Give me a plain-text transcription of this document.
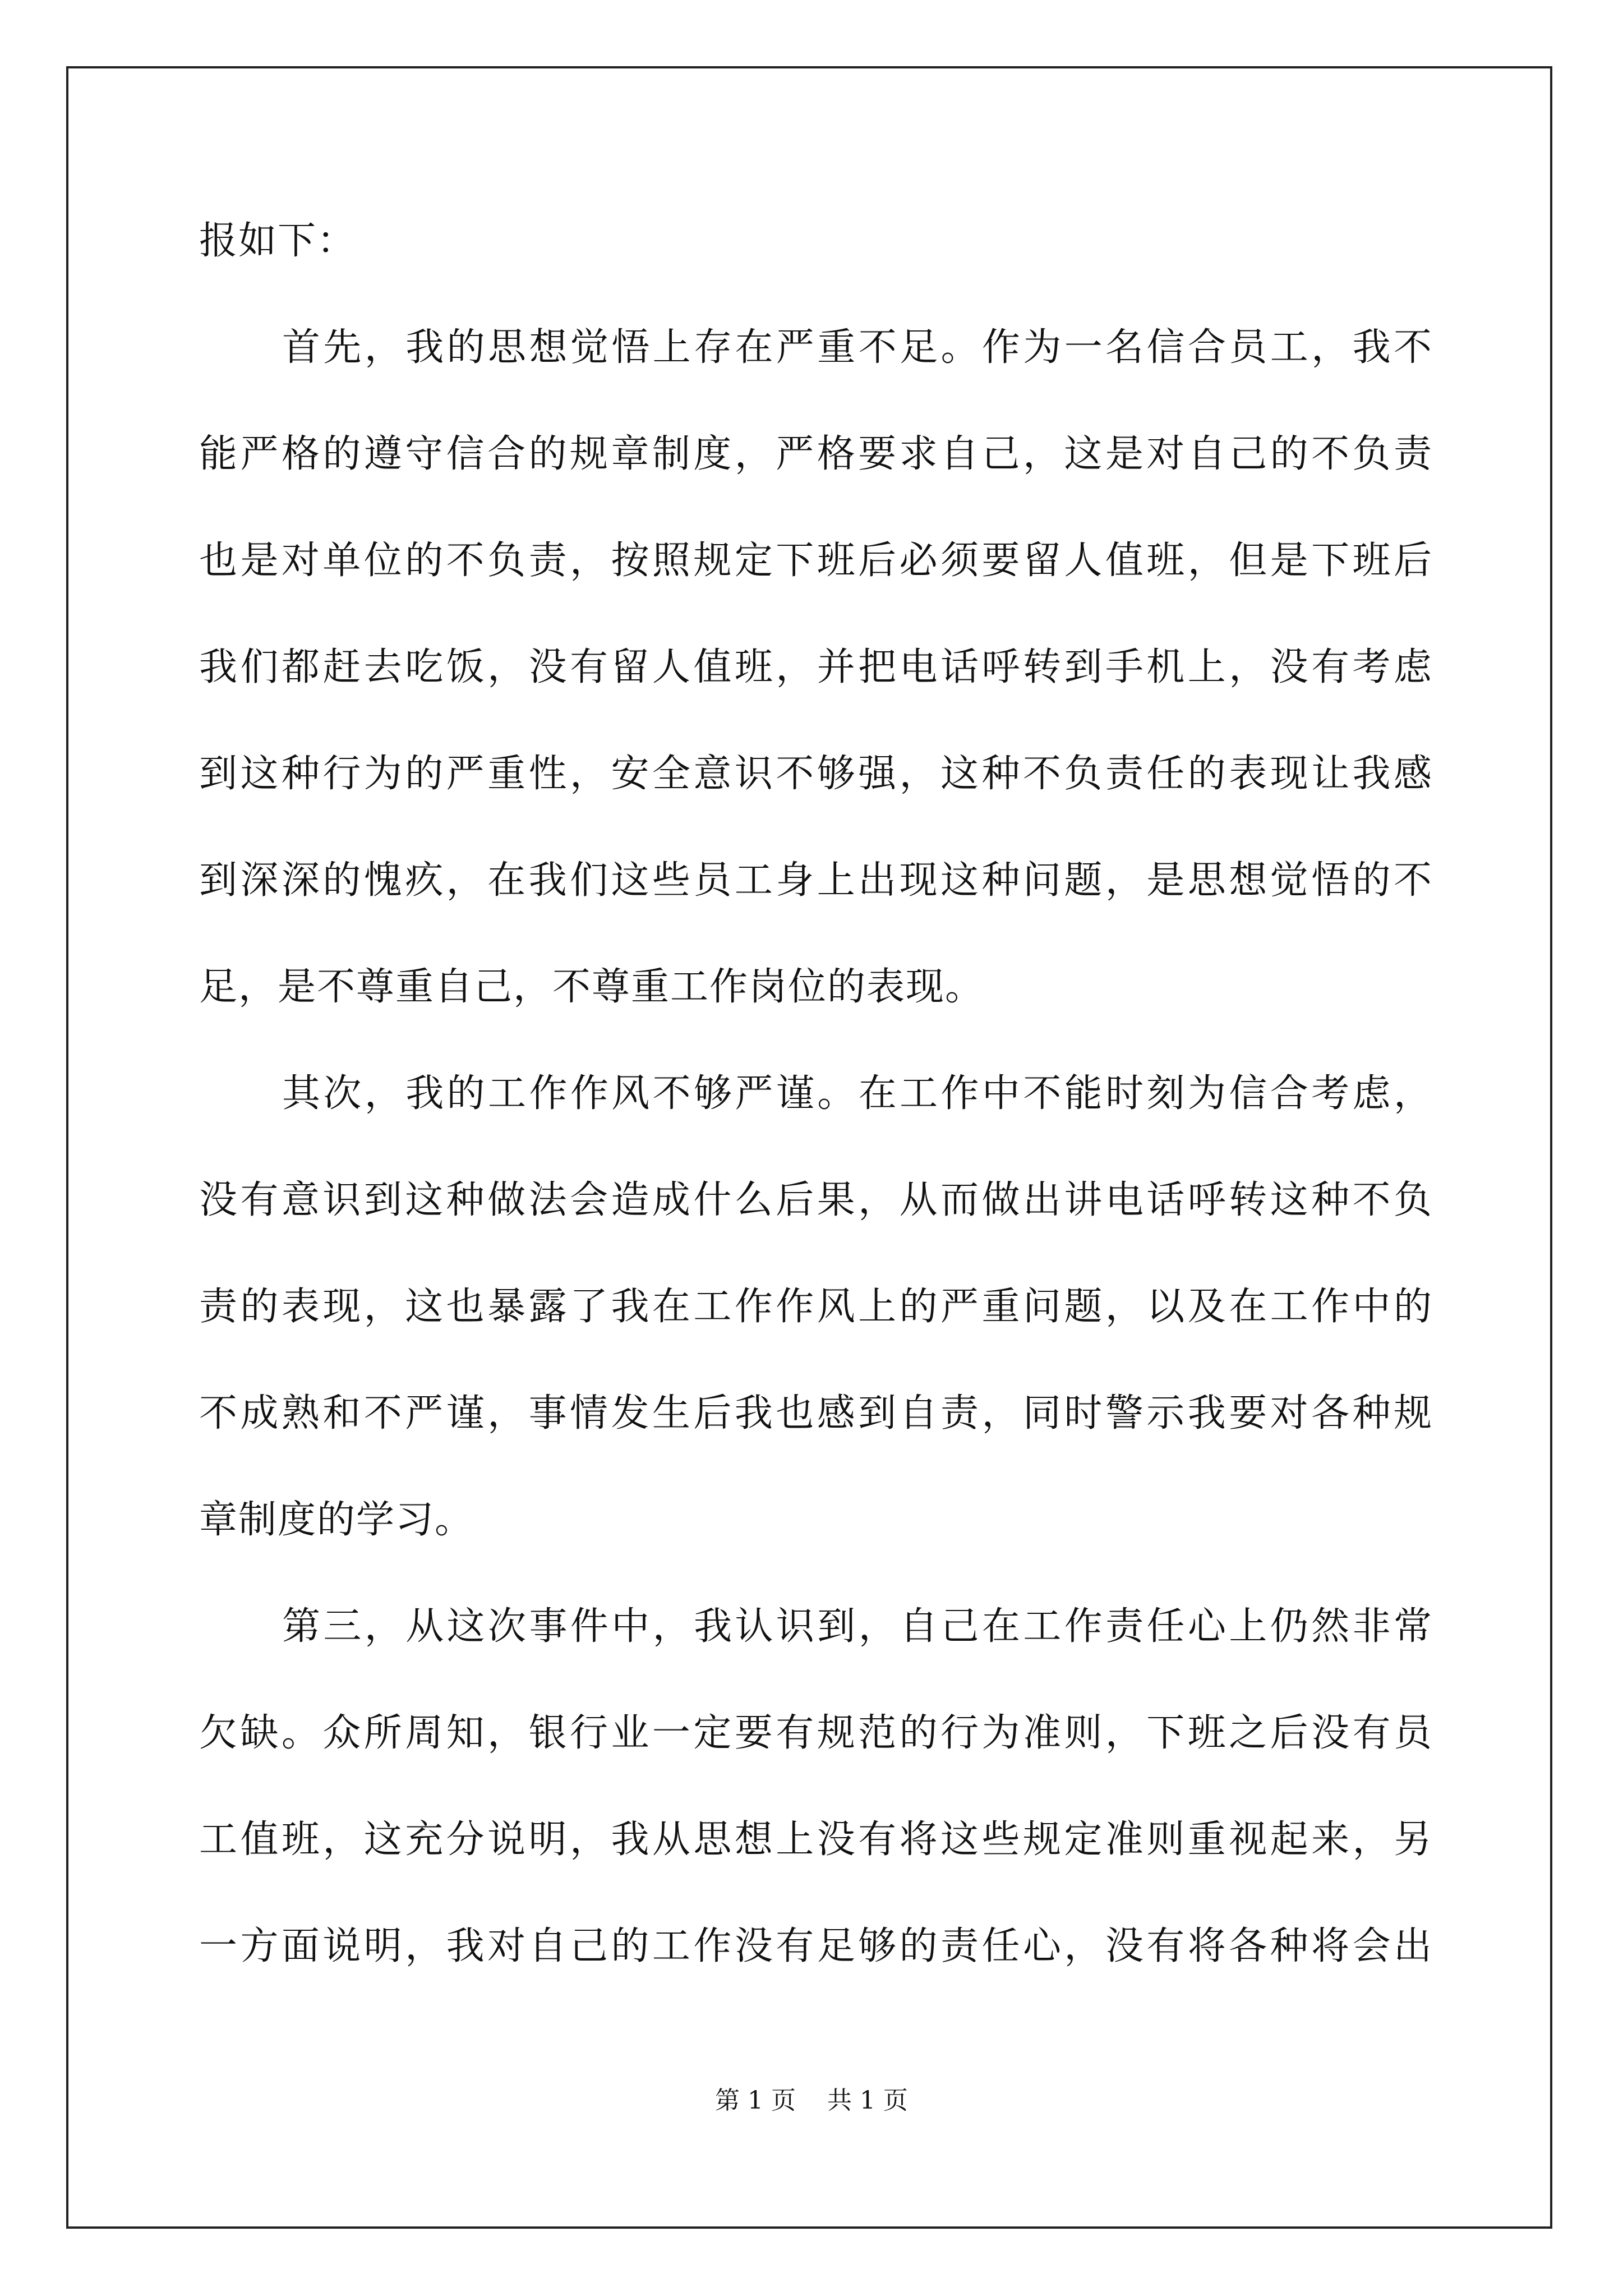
报如下：
首先，我的思想觉悟上存在严重不足。作为一名信合员工，我不
能严格的遵守信合的规章制度，严格要求自己，这是对自己的不负责
也是对单位的不负责，按照规定下班后必须要留人值班，但是下班后
我们都赶去吃饭，没有留人值班，并把电话呼转到手机上，没有考虑
到这种行为的严重性，安全意识不够强，这种不负责任的表现让我感
到深深的愧疚，在我们这些员工身上出现这种问题，是思想觉悟的不
足，是不尊重自己，不尊重工作岗位的表现。
其次，我的工作作风不够严谨。在工作中不能时刻为信合考虑，
没有意识到这种做法会造成什么后果，从而做出讲电话呼转这种不负
责的表现，这也暴露了我在工作作风上的严重问题，以及在工作中的
不成熟和不严谨，事情发生后我也感到自责，同时警示我要对各种规
章制度的学习。
第三，从这次事件中，我认识到，自己在工作责任心上仍然非常
欠缺。众所周知，银行业一定要有规范的行为准则，下班之后没有员
工值班，这充分说明，我从思想上没有将这些规定准则重视起来，另
一方面说明，我对自己的工作没有足够的责任心，没有将各种将会出
第 1 页    共 1 页
